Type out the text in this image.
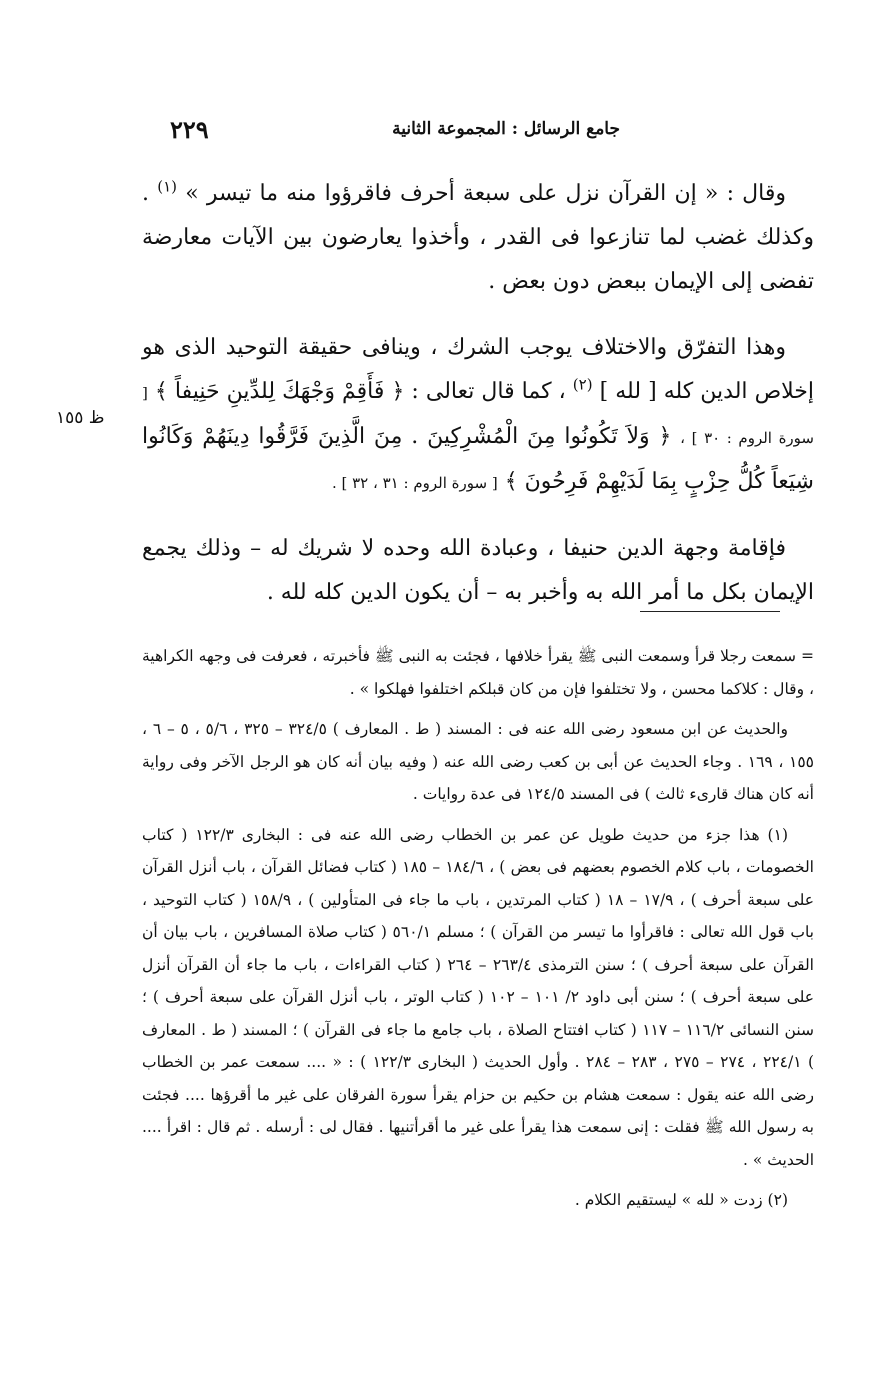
جامع الرسائل : المجموعة الثانية
٢٢٩

وقال : « إن القرآن نزل على سبعة أحرف فاقرؤوا منه ما تيسر » $^{(١)}$ . وكذلك غضب لما تنازعوا فى القدر ، وأخذوا يعارضون بين الآيات معارضة تفضى إلى الإيمان ببعض دون بعض .

وهذا التفرّق والاختلاف يوجب الشرك ، وينافى حقيقة التوحيد الذى هو إخلاص الدين كله [ لله ] $^{(٢)}$ ، كما قال تعالى : ﴿ فَأَقِمْ وَجْهَكَ لِلدِّينِ حَنِيفاً ﴾ [ سورة الروم : ٣٠ ] ، ﴿ وَلاَ تَكُونُوا مِنَ الْمُشْرِكِينَ . مِنَ الَّذِينَ فَرَّقُوا دِينَهُمْ وَكَانُوا شِيَعاً كُلُّ حِزْبٍ بِمَا لَدَيْهِمْ فَرِحُونَ ﴾ [ سورة الروم : ٣١ ، ٣٢ ] .

فإقامة وجهة الدين حنيفا ، وعبادة الله وحده لا شريك له – وذلك يجمع الإيمان بكل ما أمر الله به وأخبر به – أن يكون الدين كله لله .

ظ ١٥٥

= سمعت رجلا قرأ وسمعت النبى ﷺ يقرأ خلافها ، فجئت به النبى ﷺ فأخبرته ، فعرفت فى وجهه الكراهية ، وقال : كلاكما محسن ، ولا تختلفوا فإن من كان قبلكم اختلفوا فهلكوا » .

والحديث عن ابن مسعود رضى الله عنه فى : المسند ( ط . المعارف ) ٣٢٤/٥ – ٣٢٥ ، ٥/٦ ، ٥ – ٦ ، ١٥٥ ، ١٦٩ . وجاء الحديث عن أبى بن كعب رضى الله عنه ( وفيه بيان أنه كان هو الرجل الآخر وفى رواية أنه كان هناك قارىء ثالث ) فى المسند ١٢٤/٥ فى عدة روايات .

(١) هذا جزء من حديث طويل عن عمر بن الخطاب رضى الله عنه فى : البخارى ١٢٢/٣ ( كتاب الخصومات ، باب كلام الخصوم بعضهم فى بعض ) ، ١٨٤/٦ – ١٨٥ ( كتاب فضائل القرآن ، باب أنزل القرآن على سبعة أحرف ) ، ١٧/٩ – ١٨ ( كتاب المرتدين ، باب ما جاء فى المتأولين ) ، ١٥٨/٩ ( كتاب التوحيد ، باب قول الله تعالى : فاقرأوا ما تيسر من القرآن ) ؛ مسلم ٥٦٠/١ ( كتاب صلاة المسافرين ، باب بيان أن القرآن على سبعة أحرف ) ؛ سنن الترمذى ٢٦٣/٤ – ٢٦٤ ( كتاب القراءات ، باب ما جاء أن القرآن أنزل على سبعة أحرف ) ؛ سنن أبى داود ٢/ ١٠١ – ١٠٢ ( كتاب الوتر ، باب أنزل القرآن على سبعة أحرف ) ؛ سنن النسائى ١١٦/٢ – ١١٧ ( كتاب افتتاح الصلاة ، باب جامع ما جاء فى القرآن ) ؛ المسند ( ط . المعارف ) ٢٢٤/١ ، ٢٧٤ – ٢٧٥ ، ٢٨٣ – ٢٨٤ . وأول الحديث ( البخارى ١٢٢/٣ ) : « .... سمعت عمر بن الخطاب رضى الله عنه يقول : سمعت هشام بن حكيم بن حزام يقرأ سورة الفرقان على غير ما أقرؤها .... فجئت به رسول الله ﷺ فقلت : إنى سمعت هذا يقرأ على غير ما أقرأتنيها . فقال لى : أرسله . ثم قال : اقرأ .... الحديث » .

(٢) زدت « لله » ليستقيم الكلام .
